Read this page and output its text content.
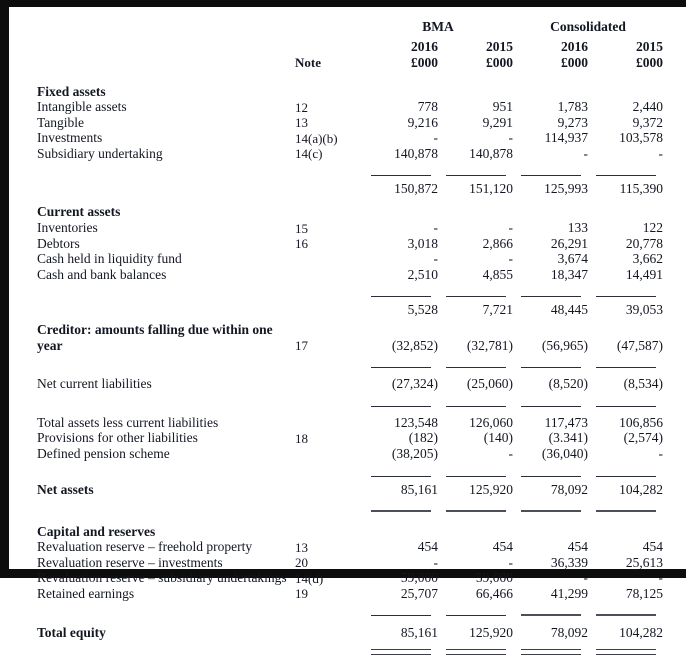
		BMA		Consolidated	

		2016	2015	2016	2015
	Note	£000	£000	£000	£000

Fixed assets					
Intangible assets	12	778	951	1,783	2,440
Tangible	13	9,216	9,291	9,273	9,372
Investments	14(a)(b)	-	-	114,937	103,578
Subsidiary undertaking	14(c)	140,878	140,878	-	-

		150,872	151,120	125,993	115,390

Current assets					
Inventories	15	-	-	133	122
Debtors	16	3,018	2,866	26,291	20,778
Cash held in liquidity fund		-	-	3,674	3,662
Cash and bank balances		2,510	4,855	18,347	14,491

		5,528	7,721	48,445	39,053

Creditor: amounts falling due within one					
year	17	(32,852)	(32,781)	(56,965)	(47,587)

Net current liabilities		(27,324)	(25,060)	(8,520)	(8,534)

Total assets less current liabilities		123,548	126,060	117,473	106,856
Provisions for other liabilities	18	(182)	(140)	(3.341)	(2,574)
Defined pension scheme		(38,205)	-	(36,040)	-

Net assets		85,161	125,920	78,092	104,282

Capital and reserves					
Revaluation reserve – freehold property	13	454	454	454	454
Revaluation reserve – investments	20	-	-	36,339	25,613
Revaluation reserve – subsidiary undertakings	14(d)	59,000	59,000	-	-
Retained earnings	19	25,707	66,466	41,299	78,125

Total equity		85,161	125,920	78,092	104,282
